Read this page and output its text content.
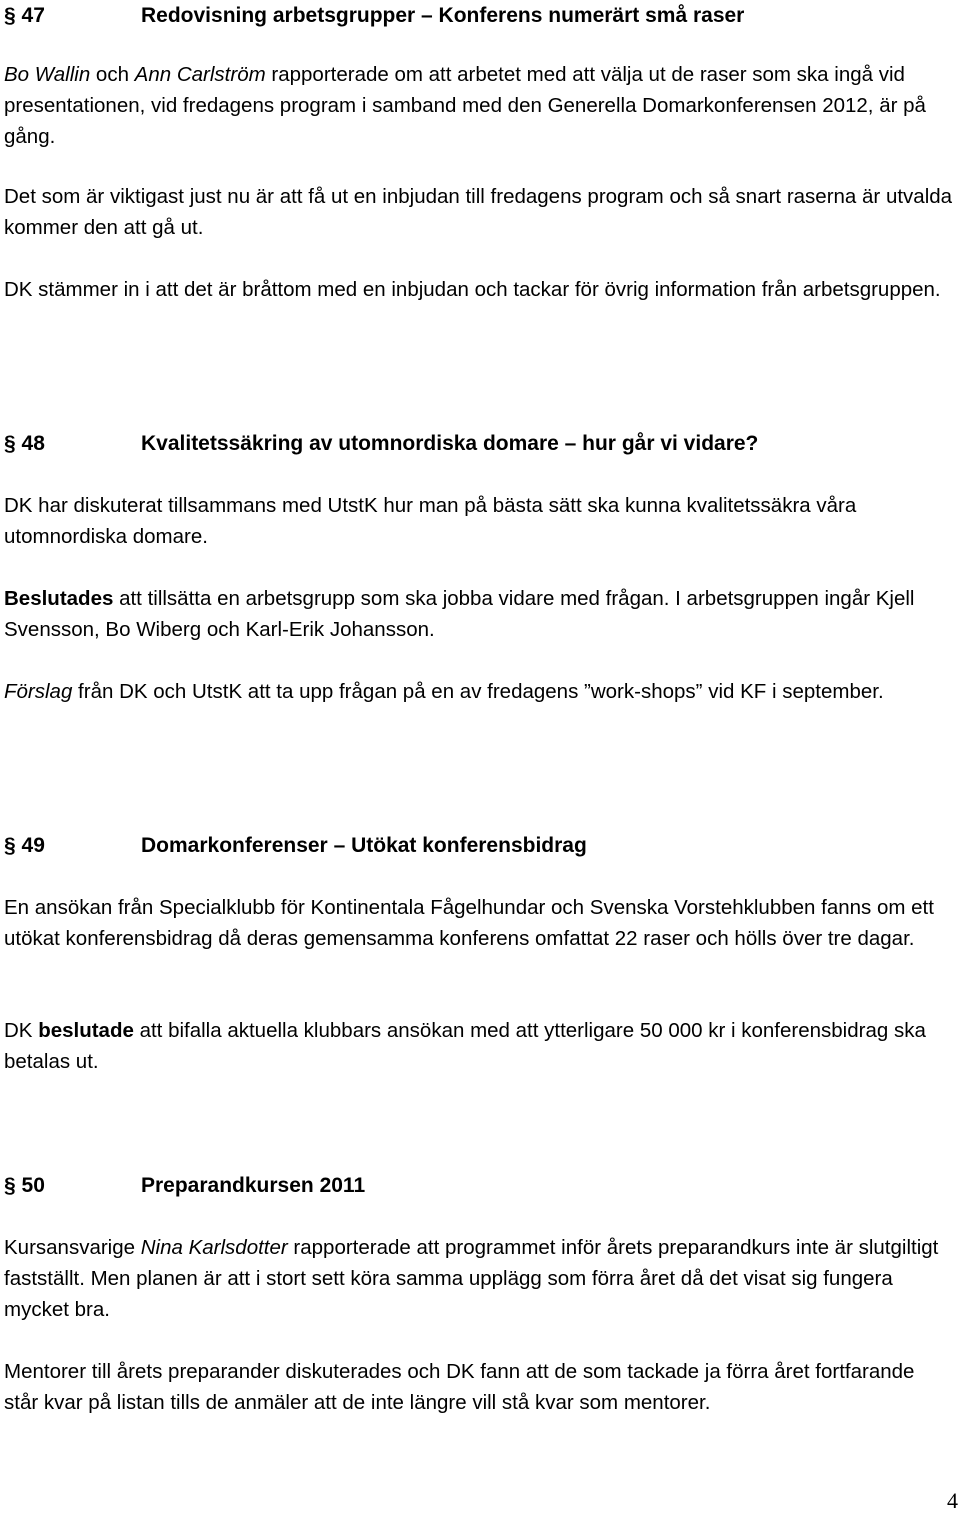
§ 47	Redovisning arbetsgrupper – Konferens numerärt små raser

Bo Wallin och Ann Carlström rapporterade om att arbetet med att välja ut de raser som ska ingå vid presentationen, vid fredagens program i samband med den Generella Domarkonferensen 2012, är på gång.

Det som är viktigast just nu är att få ut en inbjudan till fredagens program och så snart raserna är utvalda kommer den att gå ut.

DK stämmer in i att det är bråttom med en inbjudan och tackar för övrig information från arbetsgruppen.

§ 48	Kvalitetssäkring av utomnordiska domare – hur går vi vidare?

DK har diskuterat tillsammans med UtstK hur man på bästa sätt ska kunna kvalitetssäkra våra utomnordiska domare.

Beslutades att tillsätta en arbetsgrupp som ska jobba vidare med frågan. I arbetsgruppen ingår Kjell Svensson, Bo Wiberg och Karl-Erik Johansson.

Förslag från DK och UtstK att ta upp frågan på en av fredagens ”work-shops” vid KF i september.

§ 49	Domarkonferenser – Utökat konferensbidrag

En ansökan från Specialklubb för Kontinentala Fågelhundar och Svenska Vorstehklubben fanns om ett utökat konferensbidrag då deras gemensamma konferens omfattat 22 raser och hölls över tre dagar.

DK beslutade att bifalla aktuella klubbars ansökan med att ytterligare 50 000 kr i konferensbidrag ska betalas ut.

§ 50	Preparandkursen 2011

Kursansvarige Nina Karlsdotter rapporterade att programmet inför årets preparandkurs inte är slutgiltigt fastställt. Men planen är att i stort sett köra samma upplägg som förra året då det visat sig fungera mycket bra.

Mentorer till årets preparander diskuterades och DK fann att de som tackade ja förra året fortfarande står kvar på listan tills de anmäler att de inte längre vill stå kvar som mentorer.

4
